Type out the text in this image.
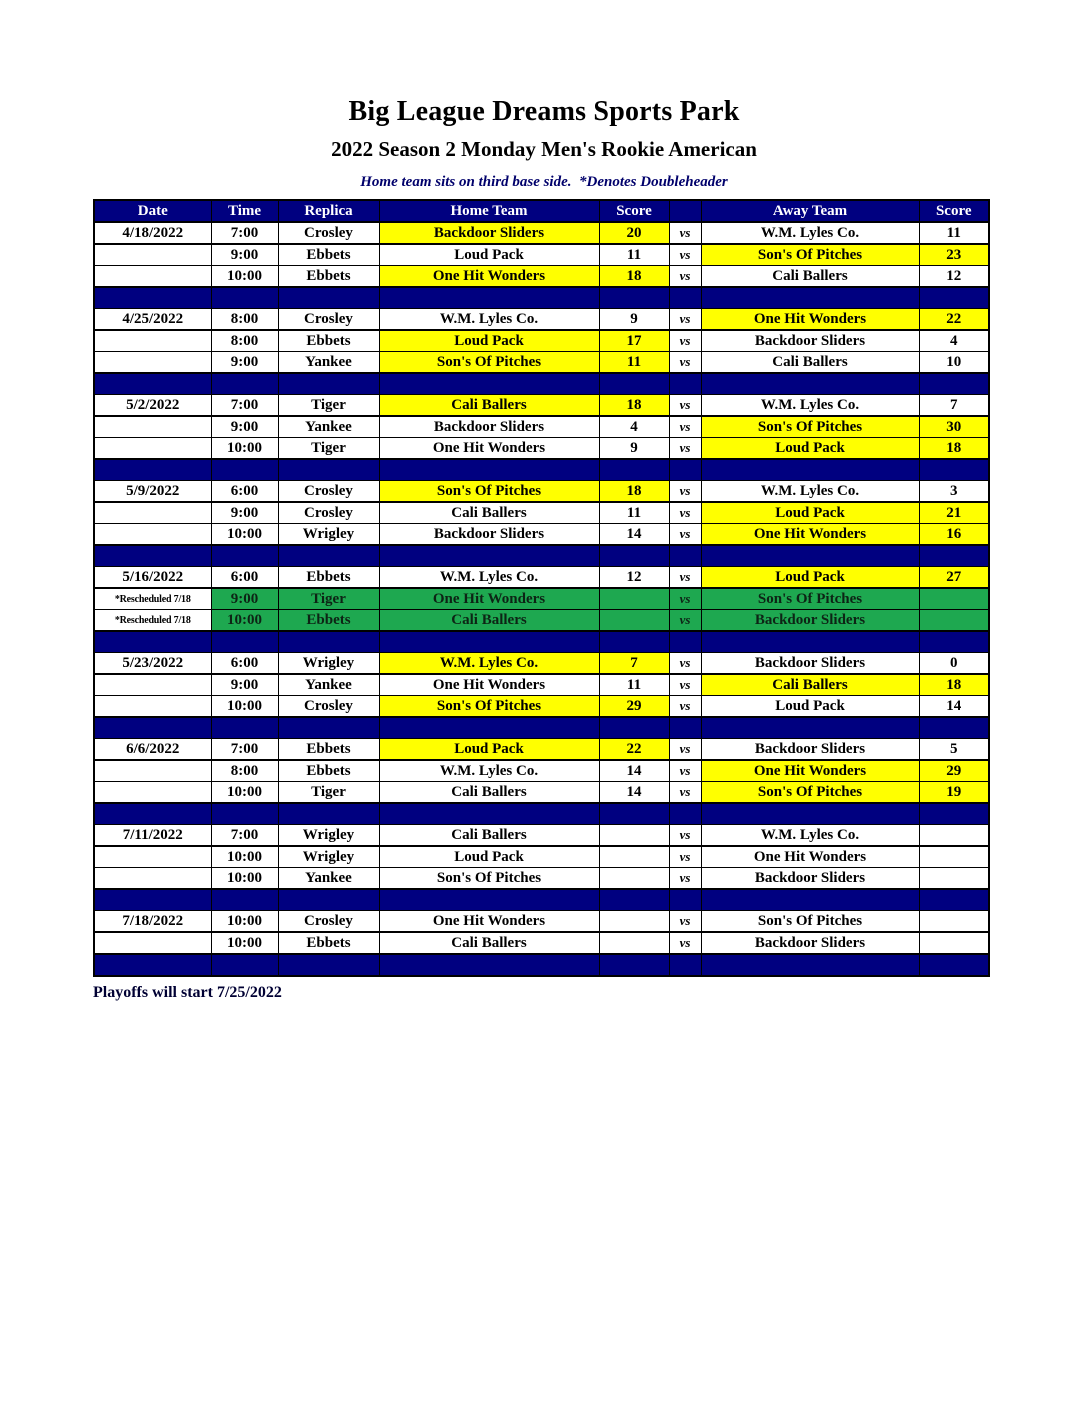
Big League Dreams Sports Park
2022 Season 2 Monday Men's Rookie American
Home team sits on third base side.  *Denotes Doubleheader
Date	Time	Replica	Home Team	Score		Away Team	Score
4/18/2022	7:00	Crosley	Backdoor Sliders	20	vs	W.M. Lyles Co.	11
	9:00	Ebbets	Loud Pack	11	vs	Son's Of Pitches	23
	10:00	Ebbets	One Hit Wonders	18	vs	Cali Ballers	12

4/25/2022	8:00	Crosley	W.M. Lyles Co.	9	vs	One Hit Wonders	22
	8:00	Ebbets	Loud Pack	17	vs	Backdoor Sliders	4
	9:00	Yankee	Son's Of Pitches	11	vs	Cali Ballers	10

5/2/2022	7:00	Tiger	Cali Ballers	18	vs	W.M. Lyles Co.	7
	9:00	Yankee	Backdoor Sliders	4	vs	Son's Of Pitches	30
	10:00	Tiger	One Hit Wonders	9	vs	Loud Pack	18

5/9/2022	6:00	Crosley	Son's Of Pitches	18	vs	W.M. Lyles Co.	3
	9:00	Crosley	Cali Ballers	11	vs	Loud Pack	21
	10:00	Wrigley	Backdoor Sliders	14	vs	One Hit Wonders	16

5/16/2022	6:00	Ebbets	W.M. Lyles Co.	12	vs	Loud Pack	27
*Rescheduled 7/18	9:00	Tiger	One Hit Wonders		vs	Son's Of Pitches	
*Rescheduled 7/18	10:00	Ebbets	Cali Ballers		vs	Backdoor Sliders	

5/23/2022	6:00	Wrigley	W.M. Lyles Co.	7	vs	Backdoor Sliders	0
	9:00	Yankee	One Hit Wonders	11	vs	Cali Ballers	18
	10:00	Crosley	Son's Of Pitches	29	vs	Loud Pack	14

6/6/2022	7:00	Ebbets	Loud Pack	22	vs	Backdoor Sliders	5
	8:00	Ebbets	W.M. Lyles Co.	14	vs	One Hit Wonders	29
	10:00	Tiger	Cali Ballers	14	vs	Son's Of Pitches	19

7/11/2022	7:00	Wrigley	Cali Ballers		vs	W.M. Lyles Co.	
	10:00	Wrigley	Loud Pack		vs	One Hit Wonders	
	10:00	Yankee	Son's Of Pitches		vs	Backdoor Sliders	

7/18/2022	10:00	Crosley	One Hit Wonders		vs	Son's Of Pitches	
	10:00	Ebbets	Cali Ballers		vs	Backdoor Sliders	

Playoffs will start 7/25/2022
